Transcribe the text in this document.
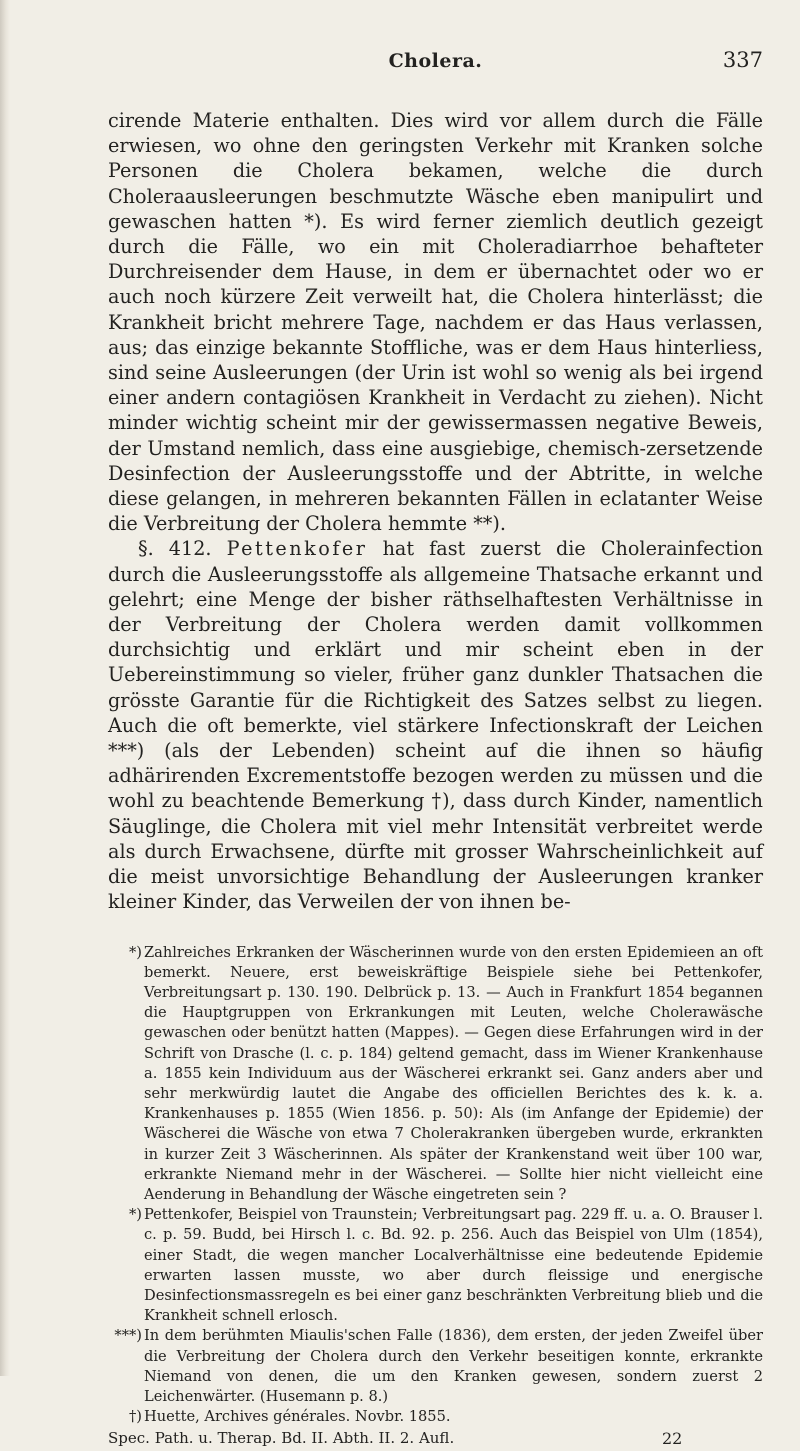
Cholera.	337

cirende Materie enthalten. Dies wird vor allem durch die Fälle erwiesen, wo ohne den geringsten Verkehr mit Kranken solche Personen die Cholera bekamen, welche die durch Choleraausleerungen beschmutzte Wäsche eben manipulirt und gewaschen hatten *). Es wird ferner ziemlich deutlich gezeigt durch die Fälle, wo ein mit Choleradiarrhoe behafteter Durchreisender dem Hause, in dem er übernachtet oder wo er auch noch kürzere Zeit verweilt hat, die Cholera hinterlässt; die Krankheit bricht mehrere Tage, nachdem er das Haus verlassen, aus; das einzige bekannte Stoffliche, was er dem Haus hinterliess, sind seine Ausleerungen (der Urin ist wohl so wenig als bei irgend einer andern contagiösen Krankheit in Verdacht zu ziehen). Nicht minder wichtig scheint mir der gewissermassen negative Beweis, der Umstand nemlich, dass eine ausgiebige, chemisch-zersetzende Desinfection der Ausleerungsstoffe und der Abtritte, in welche diese gelangen, in mehreren bekannten Fällen in eclatanter Weise die Verbreitung der Cholera hemmte **).

§. 412. Pettenkofer hat fast zuerst die Cholerainfection durch die Ausleerungsstoffe als allgemeine Thatsache erkannt und gelehrt; eine Menge der bisher räthselhaftesten Verhältnisse in der Verbreitung der Cholera werden damit vollkommen durchsichtig und erklärt und mir scheint eben in der Uebereinstimmung so vieler, früher ganz dunkler Thatsachen die grösste Garantie für die Richtigkeit des Satzes selbst zu liegen. Auch die oft bemerkte, viel stärkere Infectionskraft der Leichen ***) (als der Lebenden) scheint auf die ihnen so häufig adhärirenden Excrementstoffe bezogen werden zu müssen und die wohl zu beachtende Bemerkung †), dass durch Kinder, namentlich Säuglinge, die Cholera mit viel mehr Intensität verbreitet werde als durch Erwachsene, dürfte mit grosser Wahrscheinlichkeit auf die meist unvorsichtige Behandlung der Ausleerungen kranker kleiner Kinder, das Verweilen der von ihnen be-

*) Zahlreiches Erkranken der Wäscherinnen wurde von den ersten Epidemieen an oft bemerkt. Neuere, erst beweiskräftige Beispiele siehe bei Pettenkofer, Verbreitungsart p. 130. 190. Delbrück p. 13. — Auch in Frankfurt 1854 begannen die Hauptgruppen von Erkrankungen mit Leuten, welche Cholerawäsche gewaschen oder benützt hatten (Mappes). — Gegen diese Erfahrungen wird in der Schrift von Drasche (l. c. p. 184) geltend gemacht, dass im Wiener Krankenhause a. 1855 kein Individuum aus der Wäscherei erkrankt sei. Ganz anders aber und sehr merkwürdig lautet die Angabe des officiellen Berichtes des k. k. a. Krankenhauses p. 1855 (Wien 1856. p. 50): Als (im Anfange der Epidemie) der Wäscherei die Wäsche von etwa 7 Cholerakranken übergeben wurde, erkrankten in kurzer Zeit 3 Wäscherinnen. Als später der Krankenstand weit über 100 war, erkrankte Niemand mehr in der Wäscherei. — Sollte hier nicht vielleicht eine Aenderung in Behandlung der Wäsche eingetreten sein ?
*) Pettenkofer, Beispiel von Traunstein; Verbreitungsart pag. 229 ff. u. a. O. Brauser l. c. p. 59. Budd, bei Hirsch l. c. Bd. 92. p. 256. Auch das Beispiel von Ulm (1854), einer Stadt, die wegen mancher Localverhältnisse eine bedeutende Epidemie erwarten lassen musste, wo aber durch fleissige und energische Desinfectionsmassregeln es bei einer ganz beschränkten Verbreitung blieb und die Krankheit schnell erlosch.
***) In dem berühmten Miaulis'schen Falle (1836), dem ersten, der jeden Zweifel über die Verbreitung der Cholera durch den Verkehr beseitigen konnte, erkrankte Niemand von denen, die um den Kranken gewesen, sondern zuerst 2 Leichenwärter. (Husemann p. 8.)
†) Huette, Archives générales. Novbr. 1855.
Spec. Path. u. Therap. Bd. II. Abth. II. 2. Aufl.	22
